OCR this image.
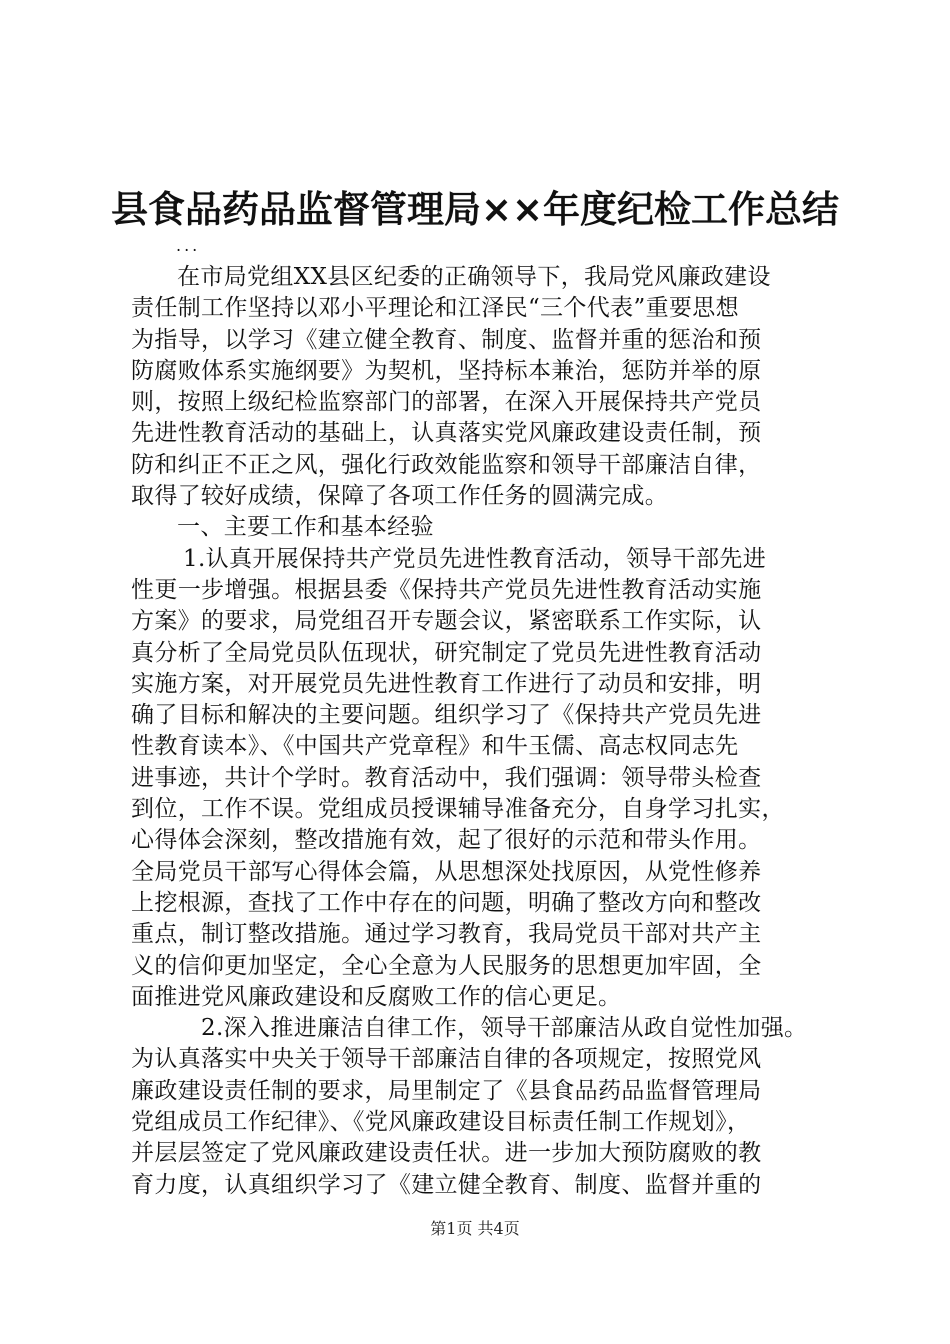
县食品药品监督管理局××年度纪检工作总结
...
在市局党组XX县区纪委的正确领导下，我局党风廉政建设
责任制工作坚持以邓小平理论和江泽民“三个代表”重要思想
为指导，以学习《建立健全教育、制度、监督并重的惩治和预
防腐败体系实施纲要》为契机，坚持标本兼治，惩防并举的原
则，按照上级纪检监察部门的部署，在深入开展保持共产党员
先进性教育活动的基础上，认真落实党风廉政建设责任制，预
防和纠正不正之风，强化行政效能监察和领导干部廉洁自律，
取得了较好成绩，保障了各项工作任务的圆满完成。
一、主要工作和基本经验
1.认真开展保持共产党员先进性教育活动，领导干部先进
性更一步增强。根据县委《保持共产党员先进性教育活动实施
方案》的要求，局党组召开专题会议，紧密联系工作实际，认
真分析了全局党员队伍现状，研究制定了党员先进性教育活动
实施方案，对开展党员先进性教育工作进行了动员和安排，明
确了目标和解决的主要问题。组织学习了《保持共产党员先进
性教育读本》、《中国共产党章程》和牛玉儒、高志权同志先
进事迹，共计个学时。教育活动中，我们强调：领导带头检查
到位，工作不误。党组成员授课辅导准备充分，自身学习扎实，
心得体会深刻，整改措施有效，起了很好的示范和带头作用。
全局党员干部写心得体会篇，从思想深处找原因，从党性修养
上挖根源，查找了工作中存在的问题，明确了整改方向和整改
重点，制订整改措施。通过学习教育，我局党员干部对共产主
义的信仰更加坚定，全心全意为人民服务的思想更加牢固，全
面推进党风廉政建设和反腐败工作的信心更足。
2.深入推进廉洁自律工作，领导干部廉洁从政自觉性加强。
为认真落实中央关于领导干部廉洁自律的各项规定，按照党风
廉政建设责任制的要求，局里制定了《县食品药品监督管理局
党组成员工作纪律》、《党风廉政建设目标责任制工作规划》，
并层层签定了党风廉政建设责任状。进一步加大预防腐败的教
育力度，认真组织学习了《建立健全教育、制度、监督并重的
第1页 共4页
